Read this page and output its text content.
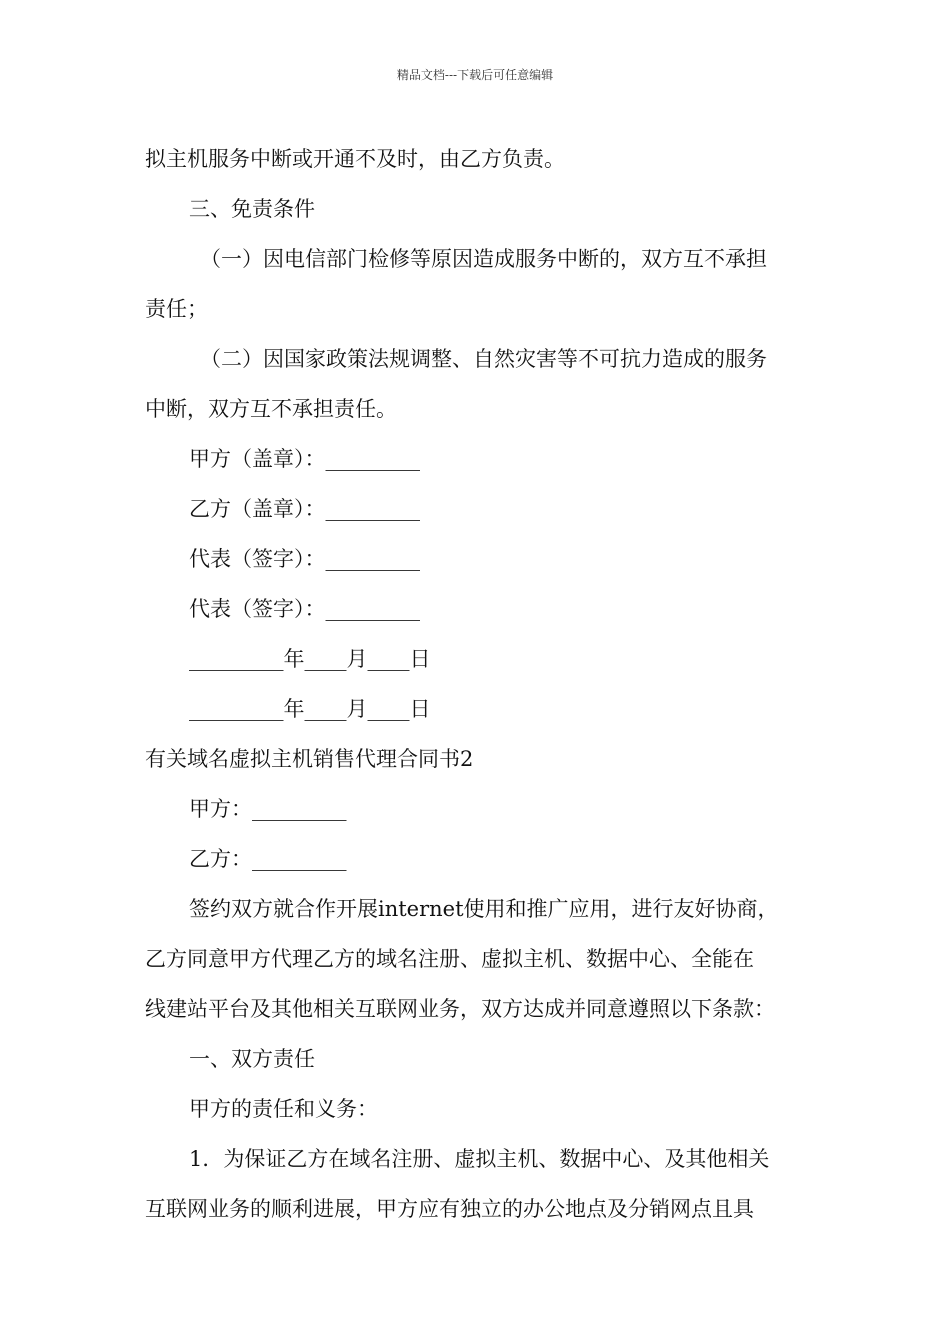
精品文档---下载后可任意编辑
拟主机服务中断或开通不及时，由乙方负责。
三、免责条件
（一）因电信部门检修等原因造成服务中断的，双方互不承担
责任；
（二）因国家政策法规调整、自然灾害等不可抗力造成的服务
中断，双方互不承担责任。
甲方（盖章）：_________
乙方（盖章）：_________
代表（签字）：_________
代表（签字）：_________
_________年____月____日
_________年____月____日
有关域名虚拟主机销售代理合同书2
甲方：_________
乙方：_________
签约双方就合作开展internet使用和推广应用，进行友好协商，
乙方同意甲方代理乙方的域名注册、虚拟主机、数据中心、全能在
线建站平台及其他相关互联网业务，双方达成并同意遵照以下条款：
一、双方责任
甲方的责任和义务：
1．为保证乙方在域名注册、虚拟主机、数据中心、及其他相关
互联网业务的顺利进展，甲方应有独立的办公地点及分销网点且具
